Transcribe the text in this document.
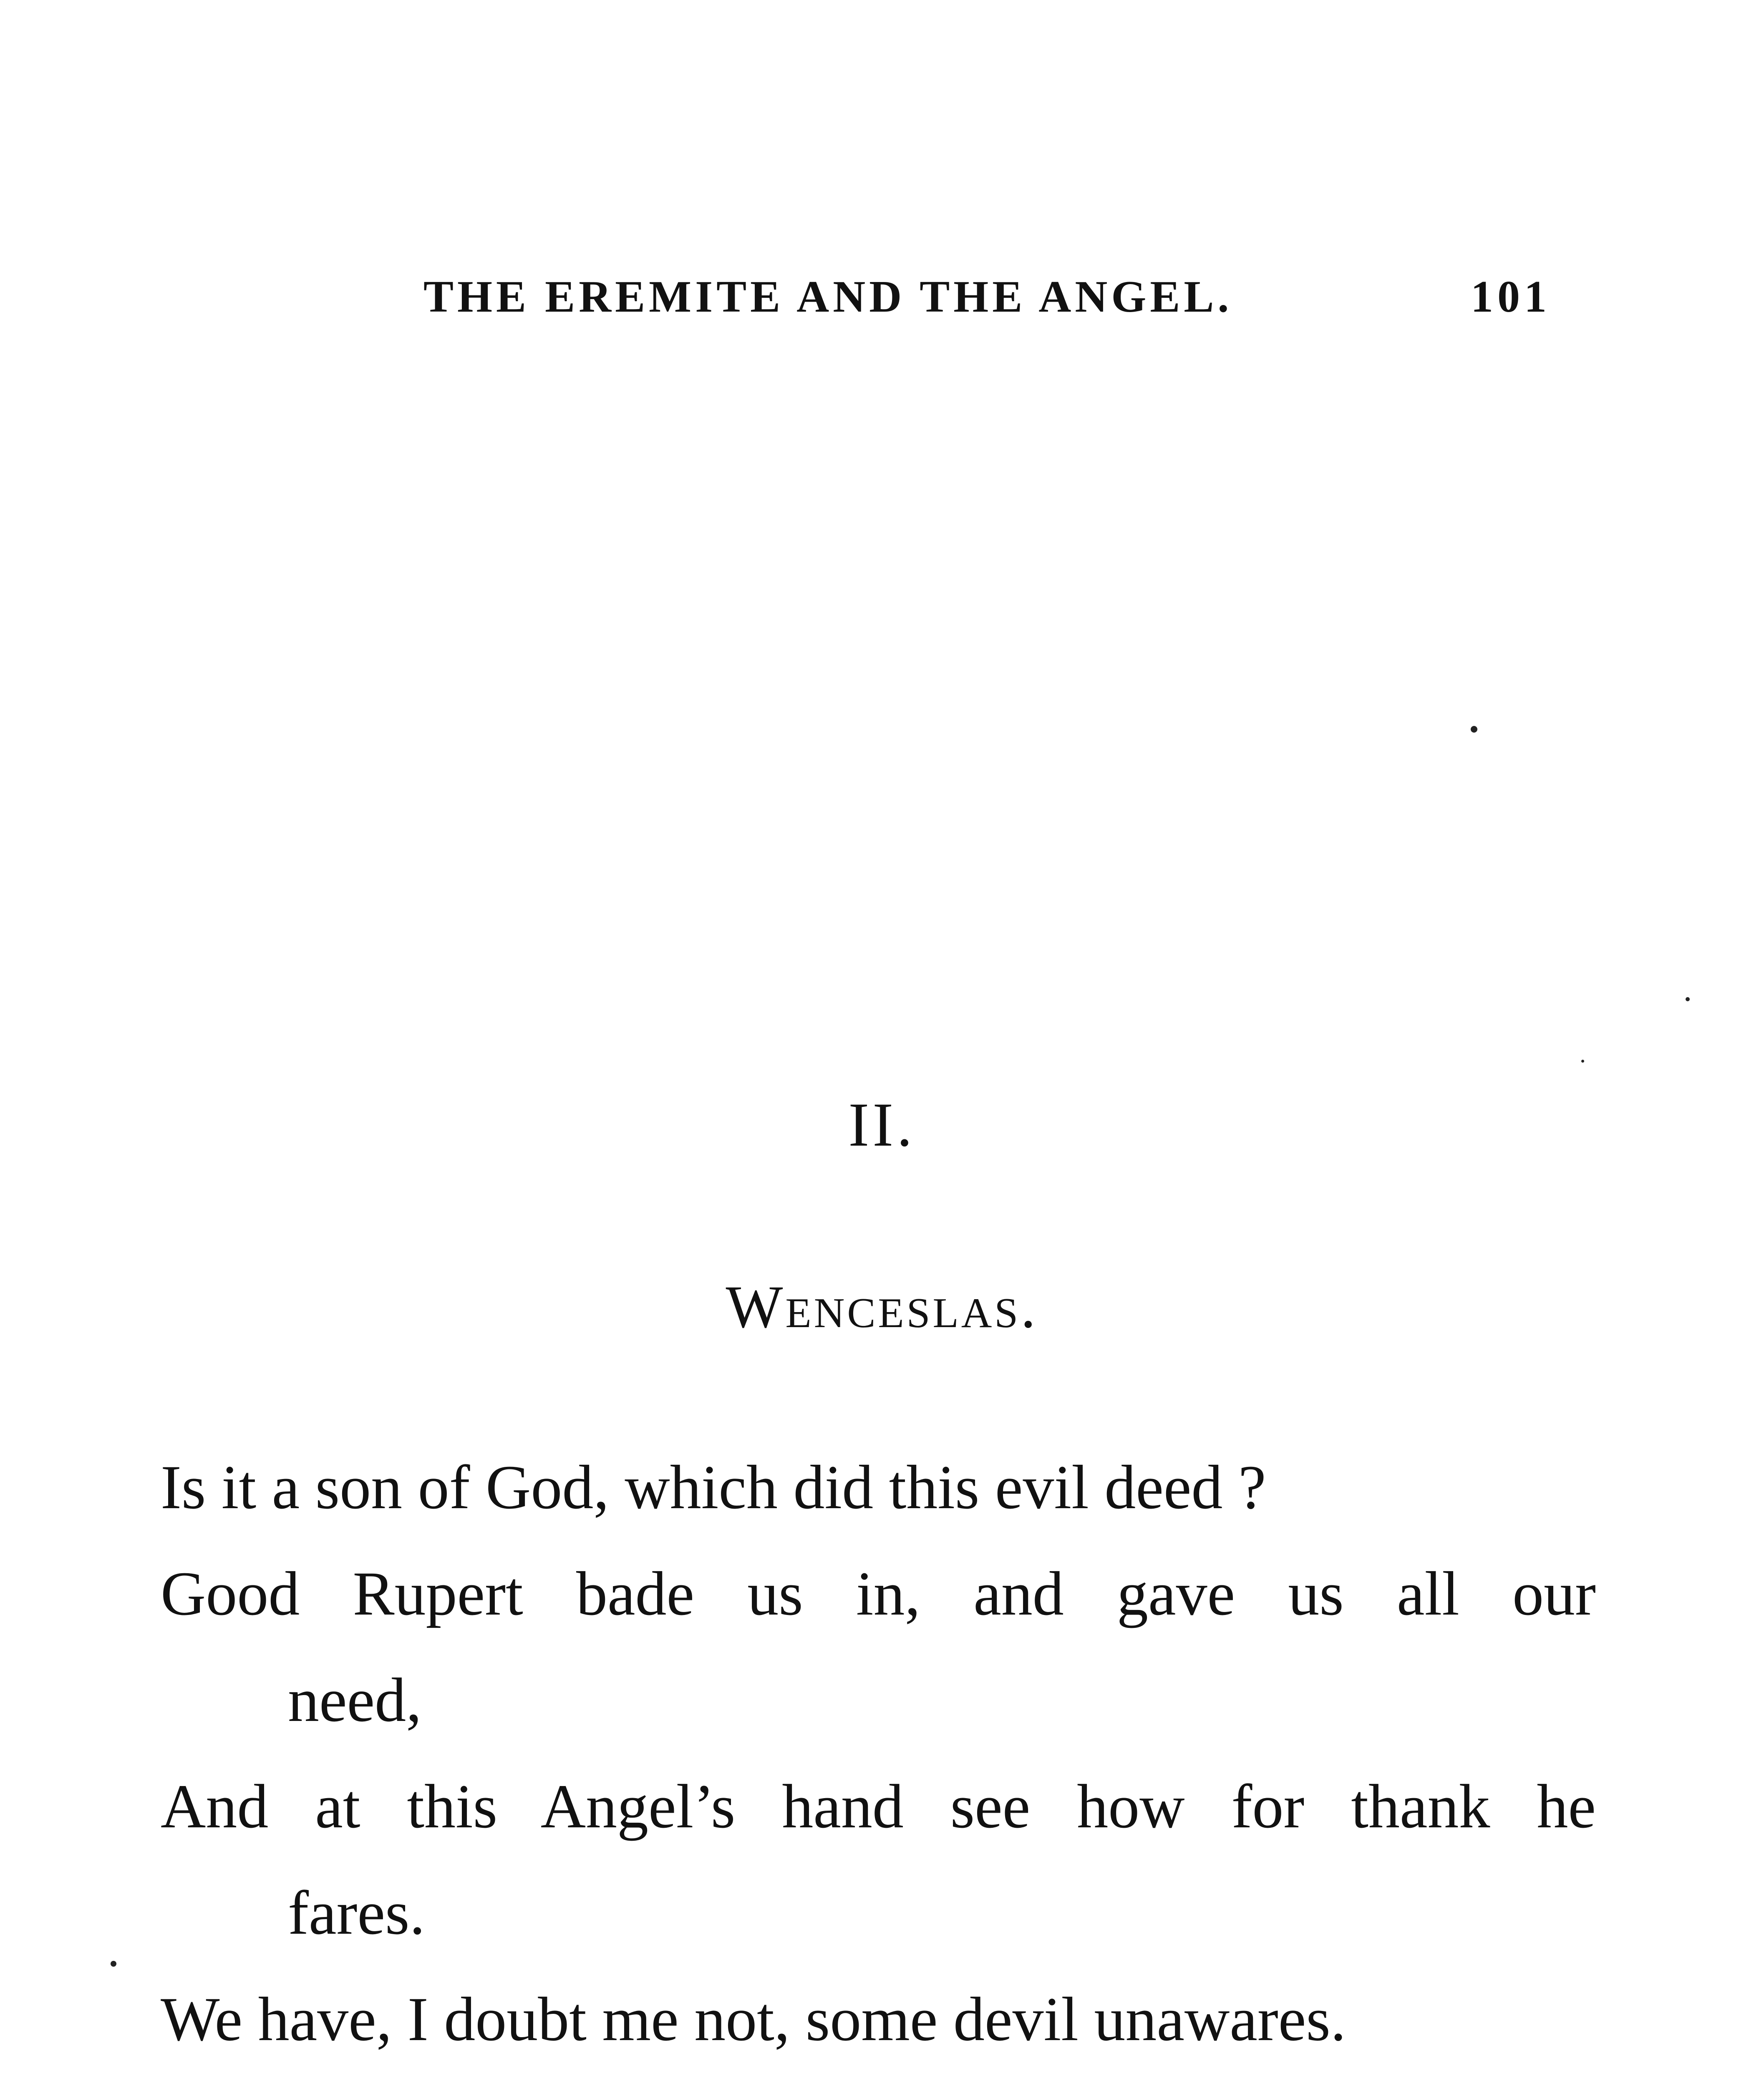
THE EREMITE AND THE ANGEL.	101
II.
Wenceslas.
Is it a son of God, which did this evil deed ?
Good Rupert bade us in, and gave us all our
need,
And at this Angel’s hand see how for thank he
fares.
We have, I doubt me not, some devil unawares.
